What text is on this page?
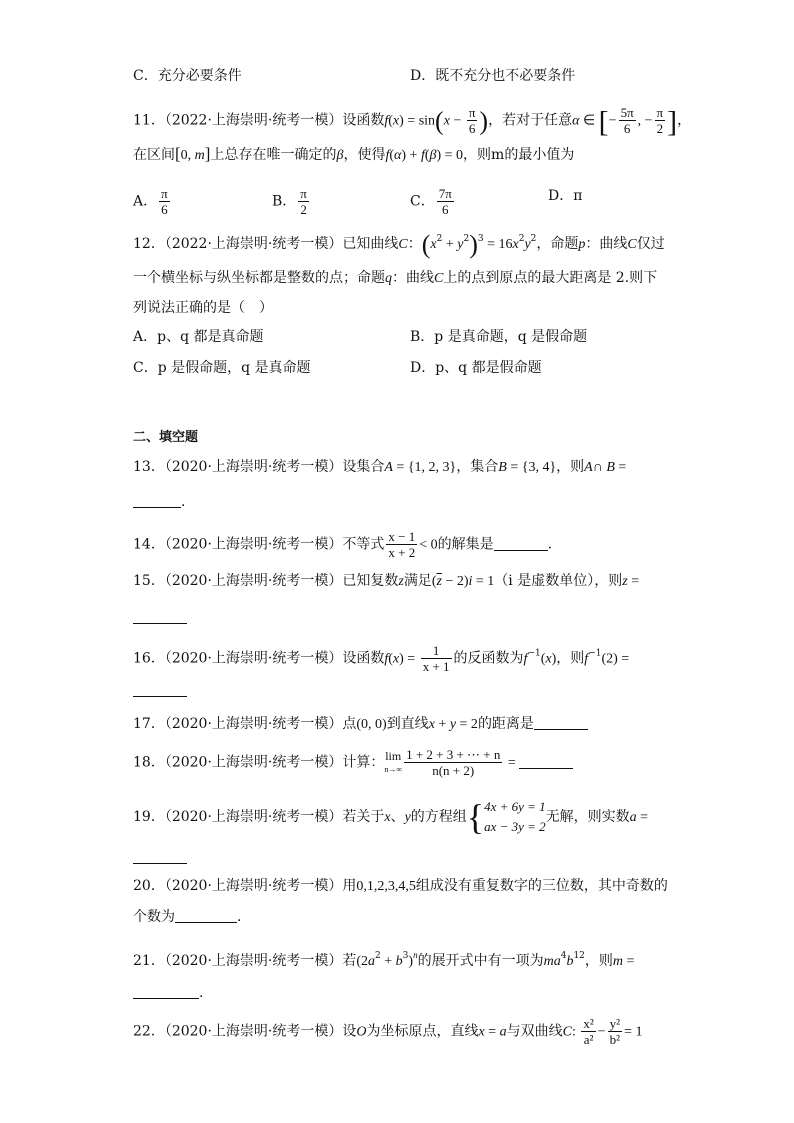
C．充分必要条件	D．既不充分也不必要条件
11．（2022·上海崇明·统考一模）设函数$f(x) = \sin(x - \frac{\pi}{6}$ )，若对于任意α ∈ [− $\frac{5\pi}{6}$ , − $\frac{\pi}{2}$ ]，
在区间[0, m]上总存在唯一确定的β，使得f(α) + f(β) = 0，则m的最小值为
A． $\frac{\pi}{6}$	B． $\frac{\pi}{2}$	C． $\frac{7\pi}{6}$	D．π
12．（2022·上海崇明·统考一模）已知曲线C：$(x^2 + y^2)^3 = 16x^2y^2$，命题p：曲线C仅过
一个横坐标与纵坐标都是整数的点；命题q：曲线C上的点到原点的最大距离是 2.则下
列说法正确的是（　）
A．p、q 都是真命题	B．p 是真命题，q 是假命题
C．p 是假命题，q 是真命题	D．p、q 都是假命题
二、填空题
13．（2020·上海崇明·统考一模）设集合A = {1, 2, 3}，集合B = {3, 4}，则A∩ B =
.
14．（2020·上海崇明·统考一模）不等式 $\frac{x - 1}{x + 2} < 0$的解集是	.
15．（2020·上海崇明·统考一模）已知复数z满足$(\overline{z} - 2)i = 1(i$ 是虚数单位），则z =
16．（2020·上海崇明·统考一模）设函数$f(x) = \frac{1}{x + 1}$ 的反函数为$f^{-1}(x)$，则$f^{-1}(2)$ =
17．（2020·上海崇明·统考一模）点(0, 0)到直线x + y = 2的距离是
18．（2020·上海崇明·统考一模）计算：lim
$n\to\infty \frac{1 + 2 + 3 + \cdots + n}{n(n + 2)}$ =
19．（2020·上海崇明·统考一模）若关于x、y的方程组{4x + 6y = 1
ax − 3y = 2无解，则实数a =
20．（2020·上海崇明·统考一模）用0,1,2,3,4,5组成没有重复数字的三位数，其中奇数的
个数为	.
21．（2020·上海崇明·统考一模）若$(2a^2 + b^3)^n$的展开式中有一项为$ma^4b^{12}$，则m =
.
22．（2020·上海崇明·统考一模）设O为坐标原点，直线x = a与双曲线C: $\frac{\text{x²}}{\text{a²}} - \frac{\text{y²}}{\text{b²}} = 1$
